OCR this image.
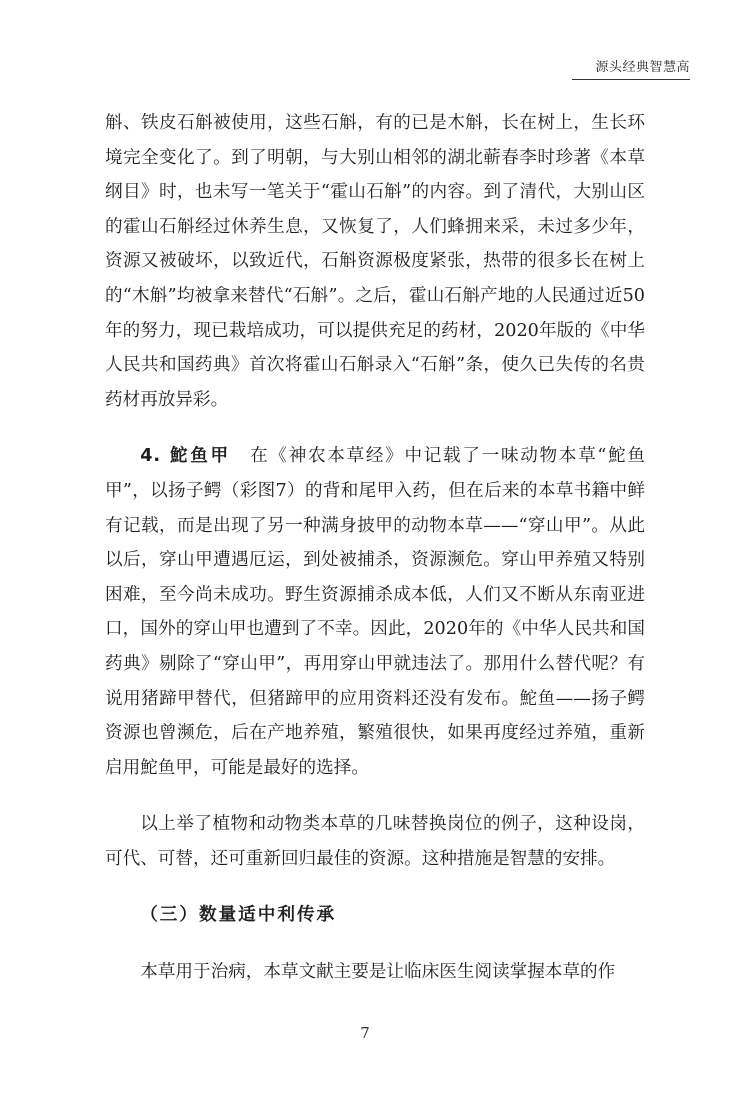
源头经典智慧高

斛、铁皮石斛被使用，这些石斛，有的已是木斛，长在树上，生长环境完全变化了。到了明朝，与大别山相邻的湖北蕲春李时珍著《本草纲目》时，也未写一笔关于“霍山石斛”的内容。到了清代，大别山区的霍山石斛经过休养生息，又恢复了，人们蜂拥来采，未过多少年，资源又被破坏，以致近代，石斛资源极度紧张，热带的很多长在树上的“木斛”均被拿来替代“石斛”。之后，霍山石斛产地的人民通过近50年的努力，现已栽培成功，可以提供充足的药材，2020年版的《中华人民共和国药典》首次将霍山石斛录入“石斛”条，使久已失传的名贵药材再放异彩。

4. 鮀鱼甲　在《神农本草经》中记载了一味动物本草“鮀鱼甲”，以扬子鳄（彩图7）的背和尾甲入药，但在后来的本草书籍中鲜有记载，而是出现了另一种满身披甲的动物本草——“穿山甲”。从此以后，穿山甲遭遇厄运，到处被捕杀，资源濒危。穿山甲养殖又特别困难，至今尚未成功。野生资源捕杀成本低，人们又不断从东南亚进口，国外的穿山甲也遭到了不幸。因此，2020年的《中华人民共和国药典》剔除了“穿山甲”，再用穿山甲就违法了。那用什么替代呢？有说用猪蹄甲替代，但猪蹄甲的应用资料还没有发布。鮀鱼——扬子鳄资源也曾濒危，后在产地养殖，繁殖很快，如果再度经过养殖，重新启用鮀鱼甲，可能是最好的选择。

以上举了植物和动物类本草的几味替换岗位的例子，这种设岗，可代、可替，还可重新回归最佳的资源。这种措施是智慧的安排。

（三）数量适中利传承

本草用于治病，本草文献主要是让临床医生阅读掌握本草的作

7
